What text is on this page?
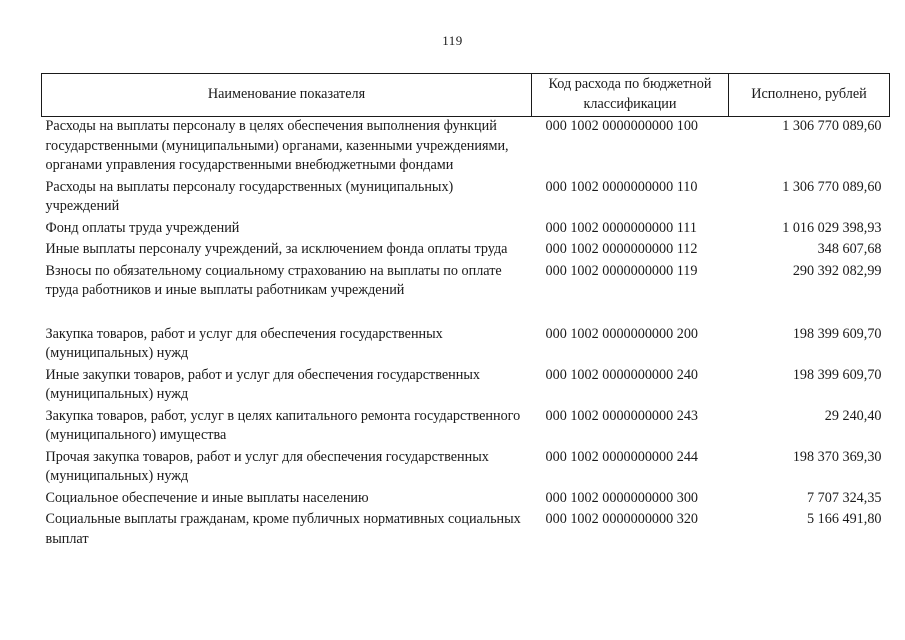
119
Наименование показателя	Код расхода по бюджетной классификации	Исполнено, рублей
Расходы на выплаты персоналу в целях обеспечения выполнения функций государственными (муниципальными) органами, казенными учреждениями, органами управления государственными внебюджетными фондами	000 1002 0000000000 100	1 306 770 089,60
Расходы на выплаты персоналу государственных (муниципальных) учреждений	000 1002 0000000000 110	1 306 770 089,60
Фонд оплаты труда учреждений	000 1002 0000000000 111	1 016 029 398,93
Иные выплаты персоналу учреждений, за исключением фонда оплаты труда	000 1002 0000000000 112	348 607,68
Взносы по обязательному социальному страхованию на выплаты по оплате труда работников и иные выплаты работникам учреждений	000 1002 0000000000 119	290 392 082,99
Закупка товаров, работ и услуг для обеспечения государственных (муниципальных) нужд	000 1002 0000000000 200	198 399 609,70
Иные закупки товаров, работ и услуг для обеспечения государственных (муниципальных) нужд	000 1002 0000000000 240	198 399 609,70
Закупка товаров, работ, услуг в целях капитального ремонта государственного (муниципального) имущества	000 1002 0000000000 243	29 240,40
Прочая закупка товаров, работ и услуг для обеспечения государственных (муниципальных) нужд	000 1002 0000000000 244	198 370 369,30
Социальное обеспечение и иные выплаты населению	000 1002 0000000000 300	7 707 324,35
Социальные выплаты гражданам, кроме публичных нормативных социальных выплат	000 1002 0000000000 320	5 166 491,80
